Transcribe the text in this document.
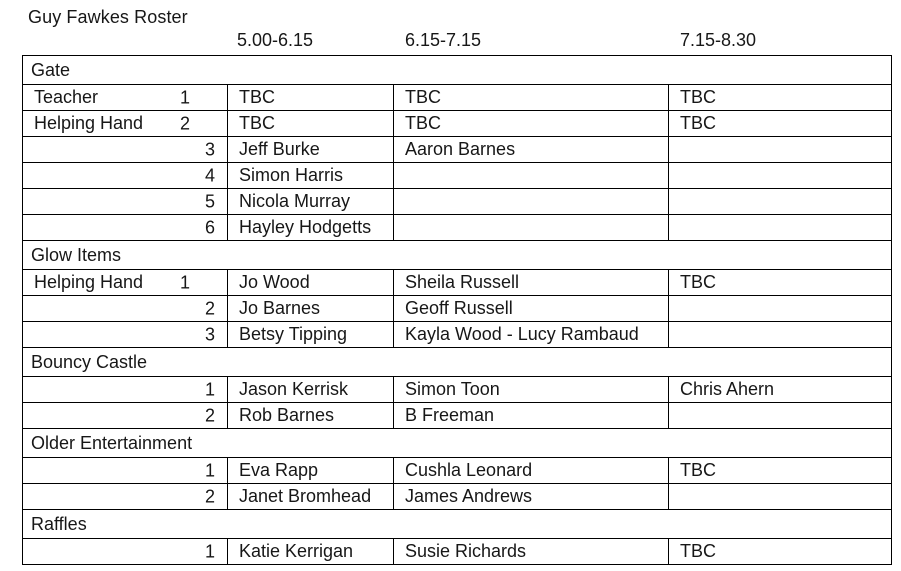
Guy Fawkes Roster
5.00-6.15	6.15-7.15	7.15-8.30
Gate			
Teacher 1	TBC	TBC	TBC
Helping Hand 2	TBC	TBC	TBC

3	Jeff Burke	Aaron Barnes	

4	Simon Harris		

5	Nicola Murray		

6	Hayley Hodgetts		
Glow Items			
Helping Hand 1	Jo Wood	Sheila Russell	TBC

2	Jo Barnes	Geoff Russell	

3	Betsy Tipping	Kayla Wood - Lucy Rambaud	
Bouncy Castle			

1	Jason Kerrisk	Simon Toon	Chris Ahern

2	Rob Barnes	B Freeman	
Older Entertainment			

1	Eva Rapp	Cushla Leonard	TBC

2	Janet Bromhead	James Andrews	
Raffles			

1	Katie Kerrigan	Susie Richards	TBC
